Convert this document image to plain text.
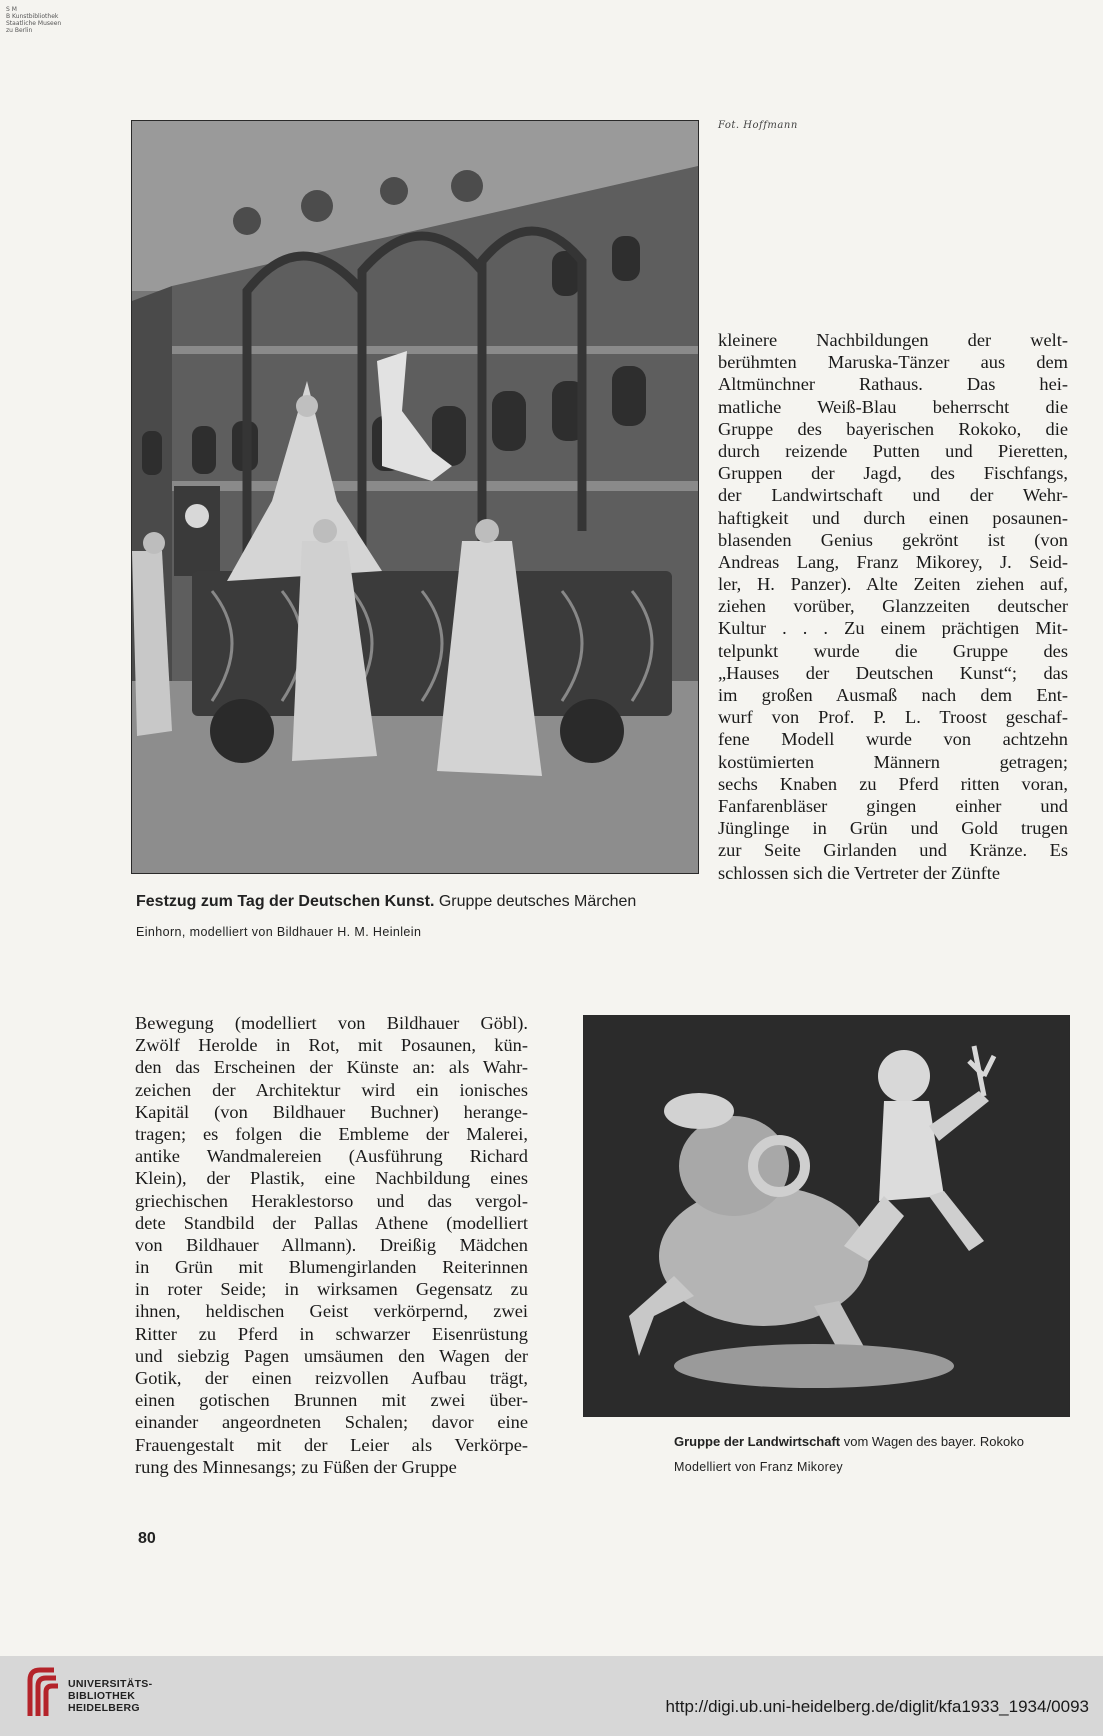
S M
B Kunstbibliothek
Staatliche Museen
zu Berlin
Fot. Hoffmann
Festzug zum Tag der Deutschen Kunst. Gruppe deutsches Märchen
Einhorn, modelliert von Bildhauer H. M. Heinlein
kleinere Nachbildungen der welt-
berühmten Maruska-Tänzer aus dem
Altmünchner Rathaus. Das hei-
matliche Weiß-Blau beherrscht die
Gruppe des bayerischen Rokoko, die
durch reizende Putten und Pieretten,
Gruppen der Jagd, des Fischfangs,
der Landwirtschaft und der Wehr-
haftigkeit und durch einen posaunen-
blasenden Genius gekrönt ist (von
Andreas Lang, Franz Mikorey, J. Seid-
ler, H. Panzer). Alte Zeiten ziehen auf,
ziehen vorüber, Glanzzeiten deutscher
Kultur . . . Zu einem prächtigen Mit-
telpunkt wurde die Gruppe des
„Hauses der Deutschen Kunst“; das
im großen Ausmaß nach dem Ent-
wurf von Prof. P. L. Troost geschaf-
fene Modell wurde von achtzehn
kostümierten Männern getragen;
sechs Knaben zu Pferd ritten voran,
Fanfarenbläser gingen einher und
Jünglinge in Grün und Gold trugen
zur Seite Girlanden und Kränze. Es
schlossen sich die Vertreter der Zünfte
Bewegung (modelliert von Bildhauer Göbl).
Zwölf Herolde in Rot, mit Posaunen, kün-
den das Erscheinen der Künste an: als Wahr-
zeichen der Architektur wird ein ionisches
Kapitäl (von Bildhauer Buchner) herange-
tragen; es folgen die Embleme der Malerei,
antike Wandmalereien (Ausführung Richard
Klein), der Plastik, eine Nachbildung eines
griechischen Heraklestorso und das vergol-
dete Standbild der Pallas Athene (modelliert
von Bildhauer Allmann). Dreißig Mädchen
in Grün mit Blumengirlanden Reiterinnen
in roter Seide; in wirksamen Gegensatz zu
ihnen, heldischen Geist verkörpernd, zwei
Ritter zu Pferd in schwarzer Eisenrüstung
und siebzig Pagen umsäumen den Wagen der
Gotik, der einen reizvollen Aufbau trägt,
einen gotischen Brunnen mit zwei über-
einander angeordneten Schalen; davor eine
Frauengestalt mit der Leier als Verkörpe-
rung des Minnesangs; zu Füßen der Gruppe
Gruppe der Landwirtschaft vom Wagen des bayer. Rokoko
Modelliert von Franz Mikorey
80
UNIVERSITÄTS-
BIBLIOTHEK
HEIDELBERG	http://digi.ub.uni-heidelberg.de/diglit/kfa1933_1934/0093
